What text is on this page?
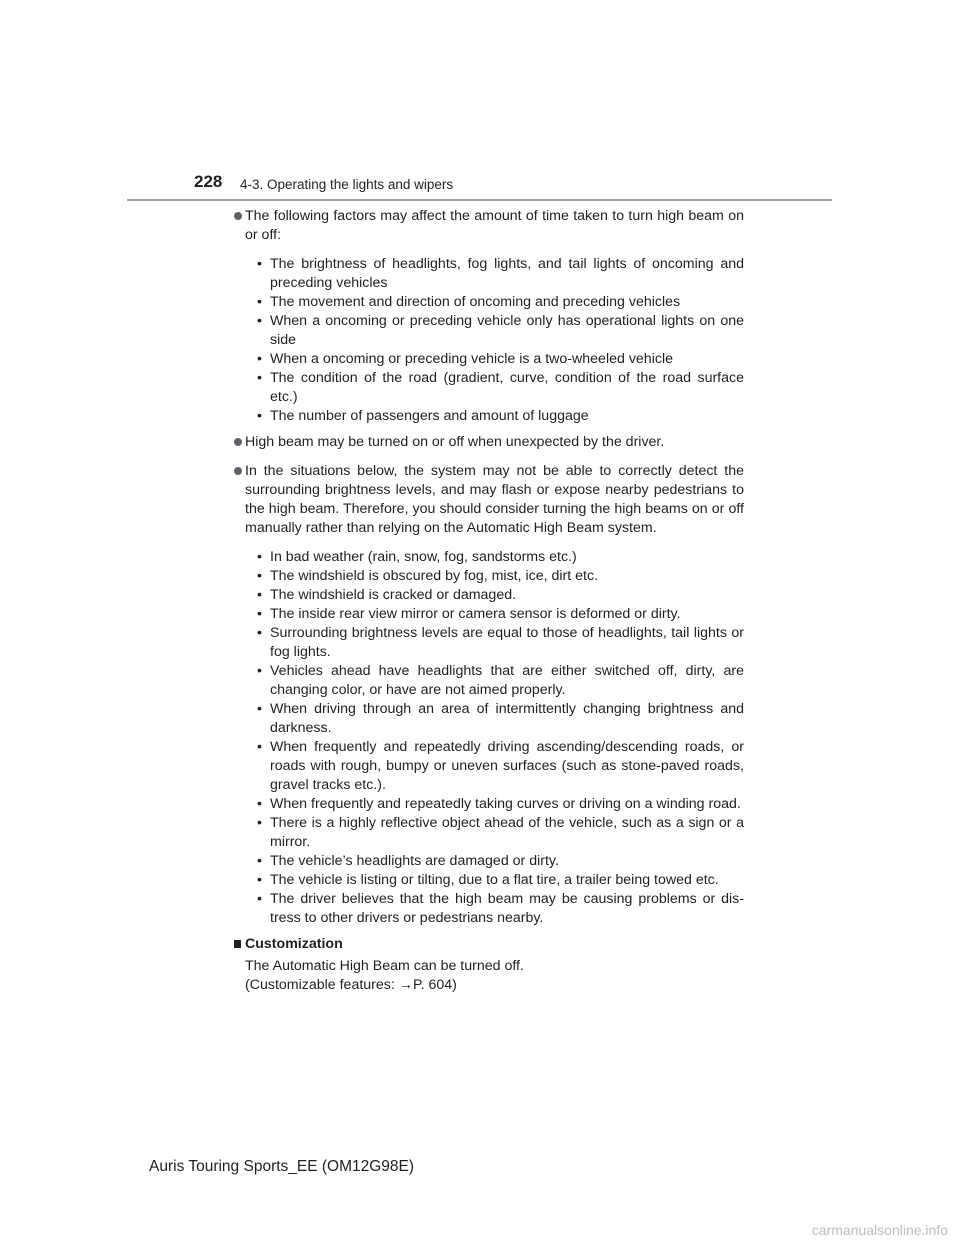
228 4-3. Operating the lights and wipers
The following factors may affect the amount of time taken to turn high beam on or off:
• The brightness of headlights, fog lights, and tail lights of oncoming and preceding vehicles
• The movement and direction of oncoming and preceding vehicles
• When a oncoming or preceding vehicle only has operational lights on one side
• When a oncoming or preceding vehicle is a two-wheeled vehicle
• The condition of the road (gradient, curve, condition of the road surface etc.)
• The number of passengers and amount of luggage
High beam may be turned on or off when unexpected by the driver.
In the situations below, the system may not be able to correctly detect the surrounding brightness levels, and may flash or expose nearby pedestrians to the high beam. Therefore, you should consider turning the high beams on or off manually rather than relying on the Automatic High Beam system.
• In bad weather (rain, snow, fog, sandstorms etc.)
• The windshield is obscured by fog, mist, ice, dirt etc.
• The windshield is cracked or damaged.
• The inside rear view mirror or camera sensor is deformed or dirty.
• Surrounding brightness levels are equal to those of headlights, tail lights or fog lights.
• Vehicles ahead have headlights that are either switched off, dirty, are changing color, or have are not aimed properly.
• When driving through an area of intermittently changing brightness and darkness.
• When frequently and repeatedly driving ascending/descending roads, or roads with rough, bumpy or uneven surfaces (such as stone-paved roads, gravel tracks etc.).
• When frequently and repeatedly taking curves or driving on a winding road.
• There is a highly reflective object ahead of the vehicle, such as a sign or a mirror.
• The vehicle’s headlights are damaged or dirty.
• The vehicle is listing or tilting, due to a flat tire, a trailer being towed etc.
• The driver believes that the high beam may be causing problems or dis-tress to other drivers or pedestrians nearby.
Customization
The Automatic High Beam can be turned off.
(Customizable features: →P. 604)
Auris Touring Sports_EE (OM12G98E)
carmanualsonline.info
